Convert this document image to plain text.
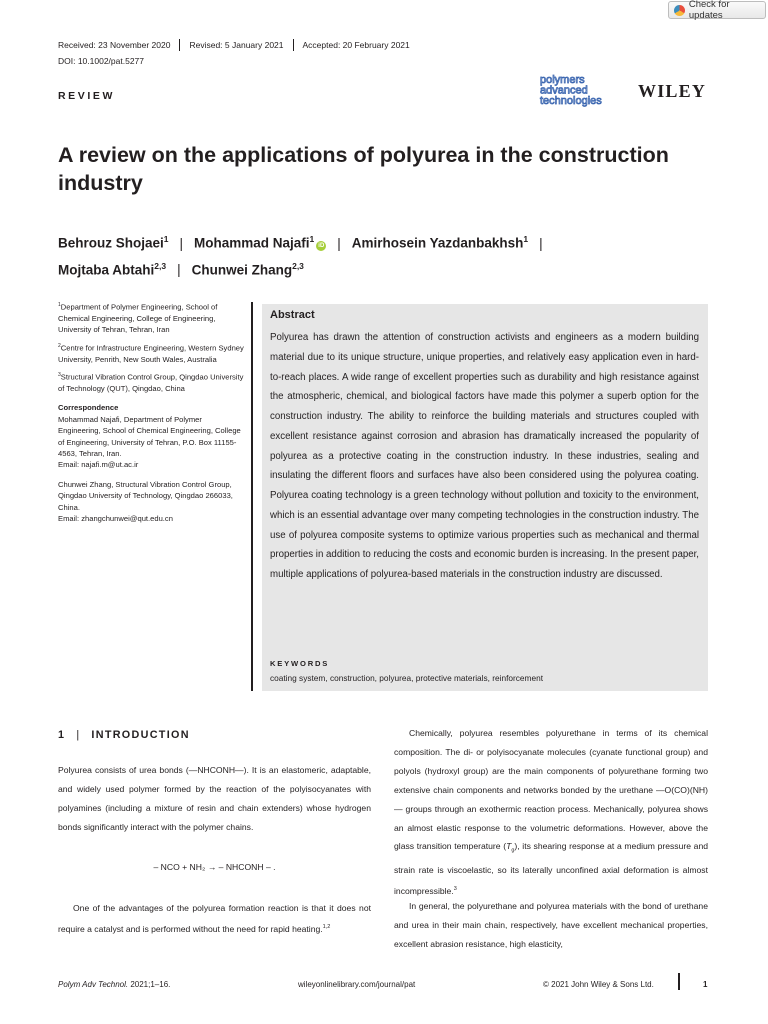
Received: 23 November 2020 Revised: 5 January 2021 Accepted: 20 February 2021
DOI: 10.1002/pat.5277
Check for updates
REVIEW
polymers
advanced
technologies WILEY
A review on the applications of polyurea in the construction industry
Behrouz Shojaei$^1$ | Mohammad Najafi$^1$iD | Amirhosein Yazdanbakhsh$^1$ |
Mojtaba Abtahi$^{2,3}$ | Chunwei Zhang$^{2,3}$

$^1$Department of Polymer Engineering, School of Chemical Engineering, College of Engineering, University of Tehran, Tehran, Iran

$^2$Centre for Infrastructure Engineering, Western Sydney University, Penrith, New South Wales, Australia

$^3$Structural Vibration Control Group, Qingdao University of Technology (QUT), Qingdao, China

Correspondence

Mohammad Najafi, Department of Polymer Engineering, School of Chemical Engineering, College of Engineering, University of Tehran, P.O. Box 11155-4563, Tehran, Iran.
Email: najafi.m@ut.ac.ir

Chunwei Zhang, Structural Vibration Control Group, Qingdao University of Technology, Qingdao 266033, China.
Email: zhangchunwei@qut.edu.cn

Abstract
Polyurea has drawn the attention of construction activists and engineers as a modern building material due to its unique structure, unique properties, and relatively easy application even in hard-to-reach places. A wide range of excellent properties such as durability and high resistance against the atmospheric, chemical, and biological factors have made this polymer a superb option for the construction industry. The ability to reinforce the building materials and structures coupled with excellent resistance against corrosion and abrasion has dramatically increased the popularity of polyurea as a protective coating in the construction industry. In these industries, sealing and insulating the different floors and surfaces have also been considered using the polyurea coating. Polyurea coating technology is a green technology without pollution and toxicity to the environment, which is an essential advantage over many competing technologies in the construction industry. The use of polyurea composite systems to optimize various properties such as mechanical and thermal properties in addition to reducing the costs and economic burden is increasing. In the present paper, multiple applications of polyurea-based materials in the construction industry are discussed.
KEYWORDS
coating system, construction, polyurea, protective materials, reinforcement
1 | INTRODUCTION
Polyurea consists of urea bonds (—NHCONH—). It is an elastomeric, adaptable, and widely used polymer formed by the reaction of the polyisocyanates with polyamines (including a mixture of resin and chain extenders) whose hydrogen bonds significantly interact with the polymer chains.
– NCO + NH₂ → – NHCONH – .
One of the advantages of the polyurea formation reaction is that it does not require a catalyst and is performed without the need for rapid heating.$^{1,2}$
Chemically, polyurea resembles polyurethane in terms of its chemical composition. The di- or polyisocyanate molecules (cyanate functional group) and polyols (hydroxyl group) are the main components of polyurethane forming two extensive chain components and networks bonded by the urethane —O(CO)(NH)— groups through an exothermic reaction process. Mechanically, polyurea shows an almost elastic response to the volumetric deformations. However, above the glass transition temperature $(T_g)$, its shearing response at a medium pressure and strain rate is viscoelastic, so its laterally unconfined axial deformation is almost incompressible.$^3$
In general, the polyurethane and polyurea materials with the bond of urethane and urea in their main chain, respectively, have excellent mechanical properties, excellent abrasion resistance, high elasticity,
Polym Adv Technol. 2021;1–16.	wileyonlinelibrary.com/journal/pat	© 2021 John Wiley & Sons Ltd.	1
